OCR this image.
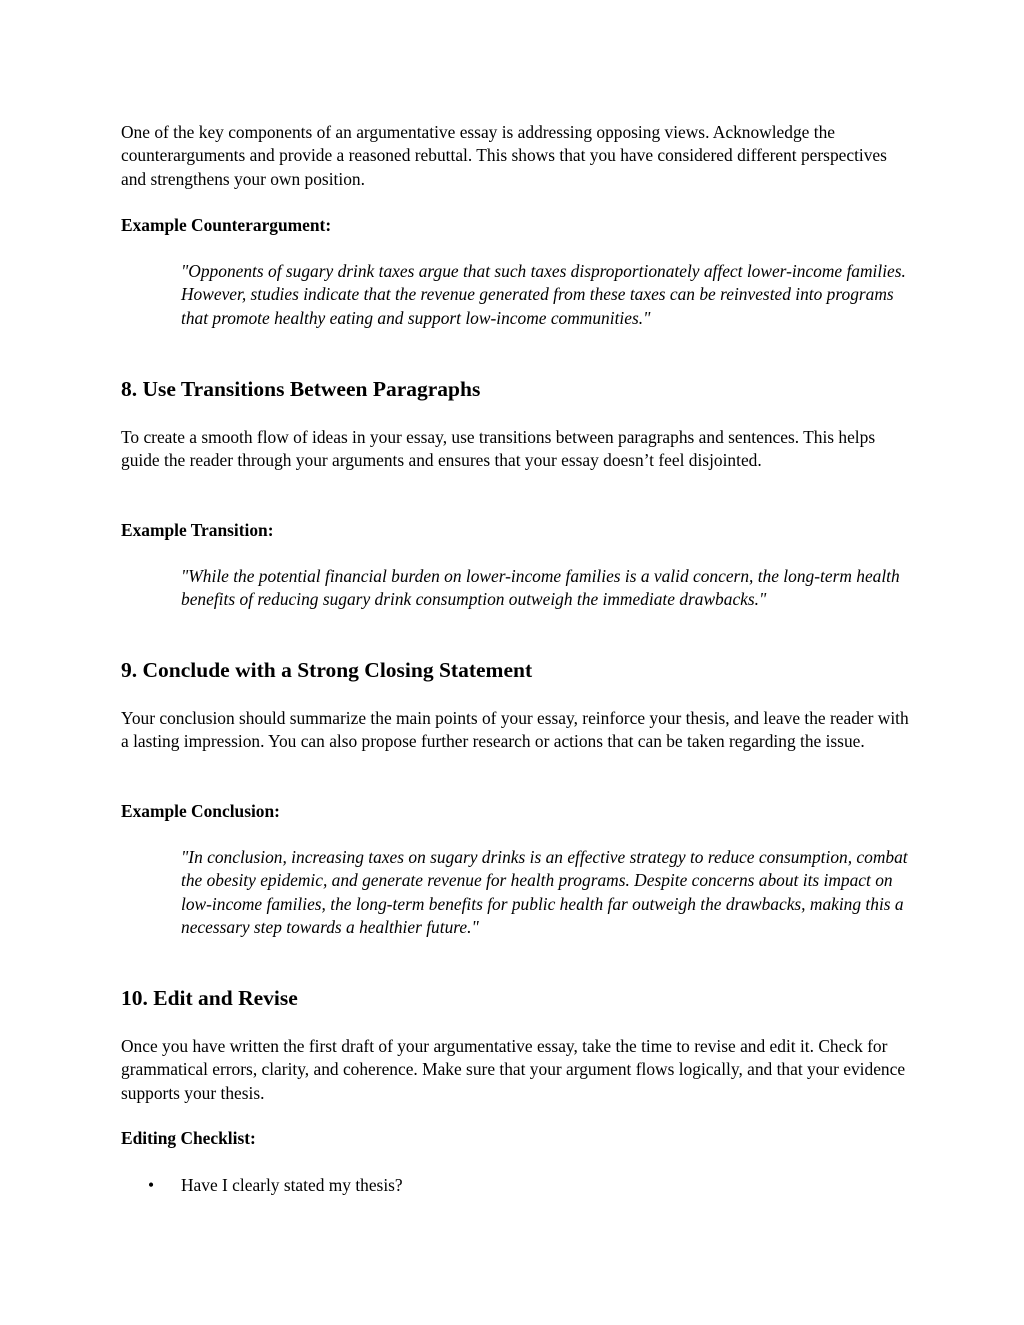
One of the key components of an argumentative essay is addressing opposing views. Acknowledge the counterarguments and provide a reasoned rebuttal. This shows that you have considered different perspectives and strengthens your own position.

Example Counterargument:

"Opponents of sugary drink taxes argue that such taxes disproportionately affect lower-income families. However, studies indicate that the revenue generated from these taxes can be reinvested into programs that promote healthy eating and support low-income communities."

8. Use Transitions Between Paragraphs

To create a smooth flow of ideas in your essay, use transitions between paragraphs and sentences. This helps guide the reader through your arguments and ensures that your essay doesn’t feel disjointed.

Example Transition:

"While the potential financial burden on lower-income families is a valid concern, the long-term health benefits of reducing sugary drink consumption outweigh the immediate drawbacks."

9. Conclude with a Strong Closing Statement

Your conclusion should summarize the main points of your essay, reinforce your thesis, and leave the reader with a lasting impression. You can also propose further research or actions that can be taken regarding the issue.

Example Conclusion:

"In conclusion, increasing taxes on sugary drinks is an effective strategy to reduce consumption, combat the obesity epidemic, and generate revenue for health programs. Despite concerns about its impact on low-income families, the long-term benefits for public health far outweigh the drawbacks, making this a necessary step towards a healthier future."

10. Edit and Revise

Once you have written the first draft of your argumentative essay, take the time to revise and edit it. Check for grammatical errors, clarity, and coherence. Make sure that your argument flows logically, and that your evidence supports your thesis.

Editing Checklist:

• Have I clearly stated my thesis?
